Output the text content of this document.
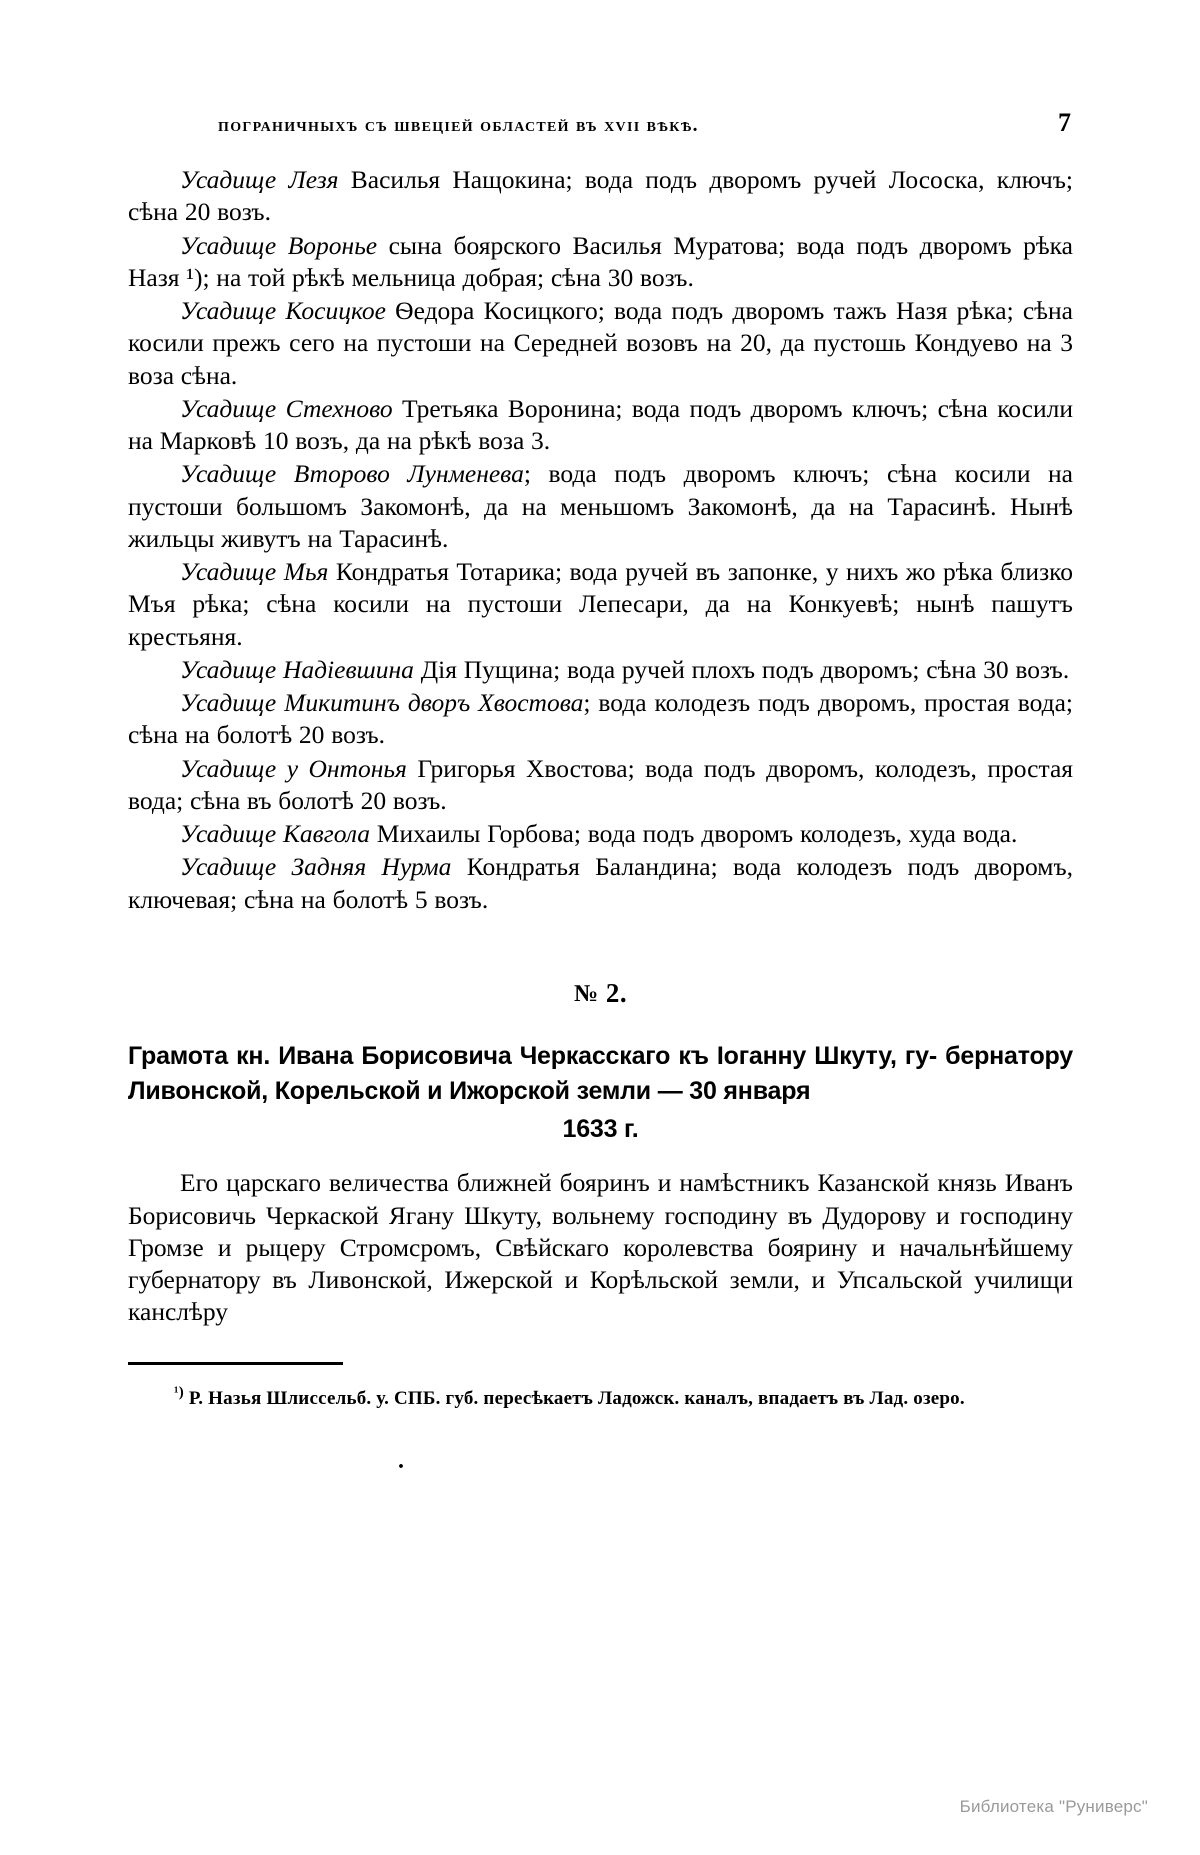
пограничныхъ съ швецiей областей въ xvii вѣкѣ.	7

Усадище Лезя Василья Нащокина; вода подъ дворомъ ручей Лососка, ключъ; сѣна 20 возъ.

Усадище Воронье сына боярского Василья Муратова; вода подъ дворомъ рѣка Назя ¹); на той рѣкѣ мельница добрая; сѣна 30 возъ.

Усадище Косицкое Ѳедора Косицкого; вода подъ дворомъ тажъ Назя рѣка; сѣна косили прежъ сего на пустоши на Середней возовъ на 20, да пустошь Кондуево на 3 воза сѣна.

Усадище Стехново Третьяка Воронина; вода подъ дворомъ ключъ; сѣна косили на Марковѣ 10 возъ, да на рѣкѣ воза 3.

Усадище Второво Лунменева; вода подъ дворомъ ключъ; сѣна косили на пустоши большомъ Закомонѣ, да на меньшомъ Закомонѣ, да на Тарасинѣ. Нынѣ жильцы живутъ на Тарасинѣ.

Усадище Мья Кондратья Тотарика; вода ручей въ запонке, у нихъ жо рѣка близко Мъя рѣка; сѣна косили на пустоши Лепесари, да на Конкуевѣ; нынѣ пашутъ крестьяня.

Усадище Надiевшина Дiя Пущина; вода ручей плохъ подъ дворомъ; сѣна 30 возъ.

Усадище Микитинъ дворъ Хвостова; вода колодезъ подъ дворомъ, простая вода; сѣна на болотѣ 20 возъ.

Усадище у Онтонья Григорья Хвостова; вода подъ дворомъ, колодезъ, простая вода; сѣна въ болотѣ 20 возъ.

Усадище Кавгола Михаилы Горбова; вода подъ дворомъ колодезъ, худа вода.

Усадище Задняя Нурма Кондратья Баландина; вода колодезъ подъ дворомъ, ключевая; сѣна на болотѣ 5 возъ.

№ 2.
Грамота кн. Ивана Борисовича Черкасскаго къ Iоганну Шкуту, гу- бернатору Ливонской, Корельской и Ижорской земли — 30 января
1633 г.

Его царскаго величества ближней бояринъ и намѣстникъ Казанской князь Иванъ Борисовичь Черкаской Ягану Шкуту, вольнему господину въ Дудорову и господину Громзе и рыцеру Стромсромъ, Свѣйскаго королевства боярину и начальнѣйшему губернатору въ Ливонской, Ижерской и Корѣльской земли, и Упсальской училищи канслѣру

$^{^1)}$ Р. Назья Шлиссельб. у. СПБ. губ. пересѣкаетъ Ладожск. каналъ, впадаетъ въ Лад. озеро.
.
Библиотека "Руниверс"
